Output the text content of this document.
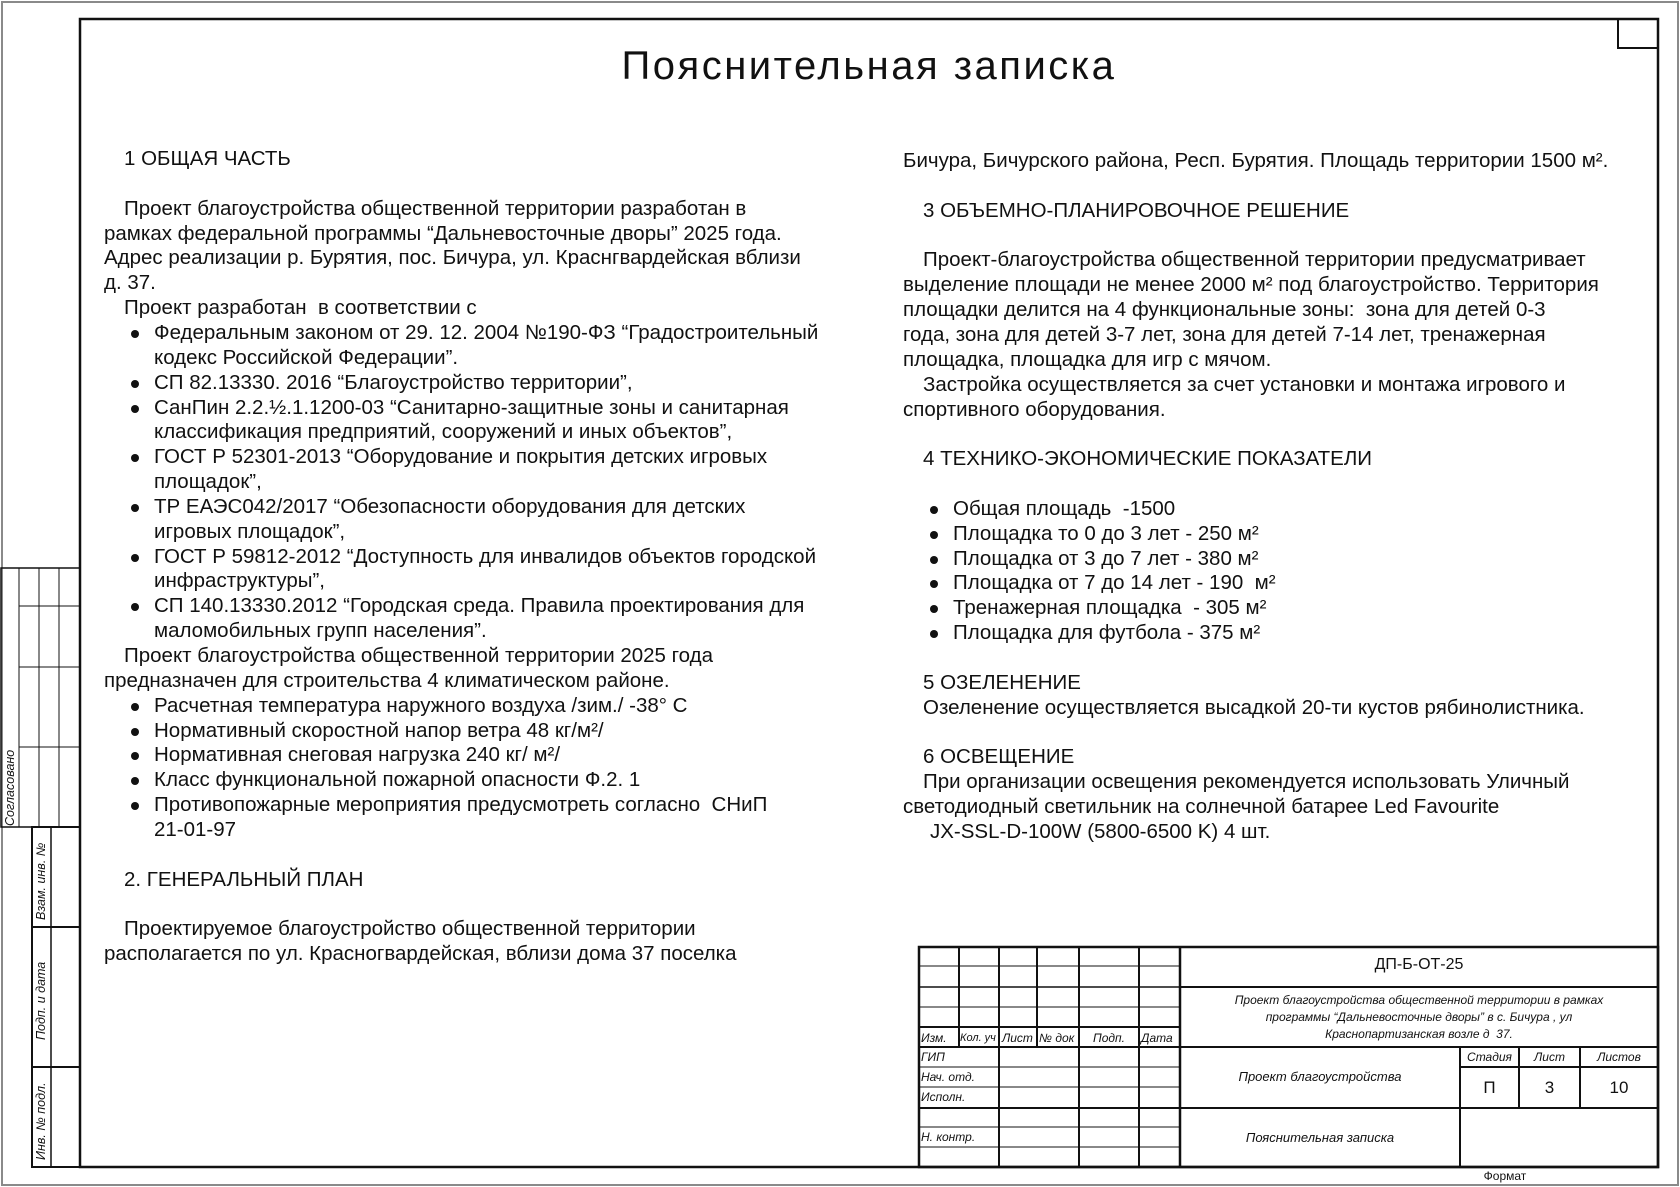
Пояснительная записка
1 ОБЩАЯ ЧАСТЬ
Проект благоустройства общественной территории разработан в
рамках федеральной программы “Дальневосточные дворы” 2025 года.
Адрес реализации р. Бурятия, пос. Бичура, ул. Краснгвардейская вблизи
д. 37.
Проект разработан  в соответствии с
Федеральным законом от 29. 12. 2004 №190-ФЗ “Градостроительный
кодекс Российской Федерации”.
СП 82.13330. 2016 “Благоустройство территории”,
СанПин 2.2.½.1.1200-03 “Санитарно-защитные зоны и санитарная
классификация предприятий, сооружений и иных объектов”,
ГОСТ Р 52301-2013 “Оборудование и покрытия детских игровых
площадок”,
ТР ЕАЭС042/2017 “Обезопасности оборудования для детских
игровых площадок”,
ГОСТ Р 59812-2012 “Доступность для инвалидов объектов городской
инфраструктуры”,
СП 140.13330.2012 “Городская среда. Правила проектирования для
маломобильных групп населения”.
Проект благоустройства общественной территории 2025 года
предназначен для строительства 4 климатическом районе.
Расчетная температура наружного воздуха /зим./ -38° С
Нормативный скоростной напор ветра 48 кг/м²/
Нормативная снеговая нагрузка 240 кг/ м²/
Класс функциональной пожарной опасности Ф.2. 1
Противопожарные мероприятия предусмотреть согласно  СНиП
21-01-97
2. ГЕНЕРАЛЬНЫЙ ПЛАН
Проектируемое благоустройство общественной территории
располагается по ул. Красногвардейская, вблизи дома 37 поселка
Бичура, Бичурского района, Респ. Бурятия. Площадь территории 1500 м².
3 ОБЪЕМНО-ПЛАНИРОВОЧНОЕ РЕШЕНИЕ
Проект-благоустройства общественной территории предусматривает
выделение площади не менее 2000 м² под благоустройство. Территория
площадки делится на 4 функциональные зоны:  зона для детей 0-3
года, зона для детей 3-7 лет, зона для детей 7-14 лет, тренажерная
площадка, площадка для игр с мячом.
Застройка осуществляется за счет установки и монтажа игрового и
спортивного оборудования.
4 ТЕХНИКО-ЭКОНОМИЧЕСКИЕ ПОКАЗАТЕЛИ
Общая площадь  -1500
Площадка то 0 до 3 лет - 250 м²
Площадка от 3 до 7 лет - 380 м²
Площадка от 7 до 14 лет - 190  м²
Тренажерная площадка  - 305 м²
Площадка для футбола - 375 м²
5 ОЗЕЛЕНЕНИЕ
Озеленение осуществляется высадкой 20-ти кустов рябинолистника.
6 ОСВЕЩЕНИЕ
При организации освещения рекомендуется использовать Уличный
светодиодный светильник на солнечной батарее Led Favourite
JX-SSL-D-100W (5800-6500 K) 4 шт.
ДП-Б-ОТ-25
Проект благоустройства общественной территории в рамках
программы “Дальневосточные дворы” в с. Бичура , ул
Краснопартизанская возле д  37.
Изм. Кол. уч Лист № док	Подп.	Дата
ГИП
Нач. отд.
Исполн.
Н. контр.
Проект благоустройства
Пояснительная записка
Стадия	Лист	Листов
П	3	10
Формат
Согласовано
Взам. инв. №
Подп. и дата
Инв. № подл.
